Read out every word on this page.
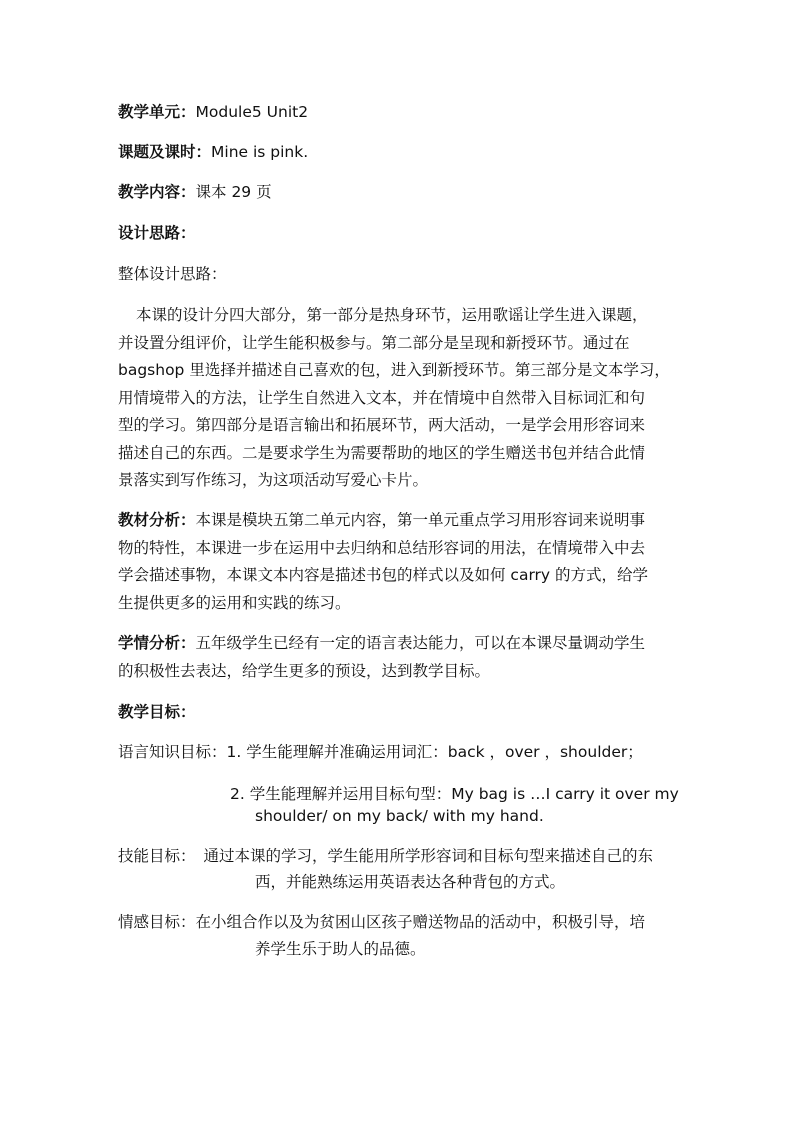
教学单元：Module5 Unit2
课题及课时：Mine is pink.
教学内容：课本 29 页
设计思路：
整体设计思路：
本课的设计分四大部分，第一部分是热身环节，运用歌谣让学生进入课题，
并设置分组评价，让学生能积极参与。第二部分是呈现和新授环节。通过在
bagshop 里选择并描述自己喜欢的包，进入到新授环节。第三部分是文本学习，
用情境带入的方法，让学生自然进入文本，并在情境中自然带入目标词汇和句
型的学习。第四部分是语言输出和拓展环节，两大活动，一是学会用形容词来
描述自己的东西。二是要求学生为需要帮助的地区的学生赠送书包并结合此情
景落实到写作练习，为这项活动写爱心卡片。
教材分析：本课是模块五第二单元内容，第一单元重点学习用形容词来说明事
物的特性，本课进一步在运用中去归纳和总结形容词的用法，在情境带入中去
学会描述事物，本课文本内容是描述书包的样式以及如何 carry 的方式，给学
生提供更多的运用和实践的练习。
学情分析：五年级学生已经有一定的语言表达能力，可以在本课尽量调动学生
的积极性去表达，给学生更多的预设，达到教学目标。
教学目标：
语言知识目标：1. 学生能理解并准确运用词汇：back ，over ，shoulder；
2. 学生能理解并运用目标句型：My bag is …I carry it over my
shoulder/ on my back/ with my hand.
技能目标： 通过本课的学习，学生能用所学形容词和目标句型来描述自己的东
西，并能熟练运用英语表达各种背包的方式。
情感目标：在小组合作以及为贫困山区孩子赠送物品的活动中，积极引导，培
养学生乐于助人的品德。
